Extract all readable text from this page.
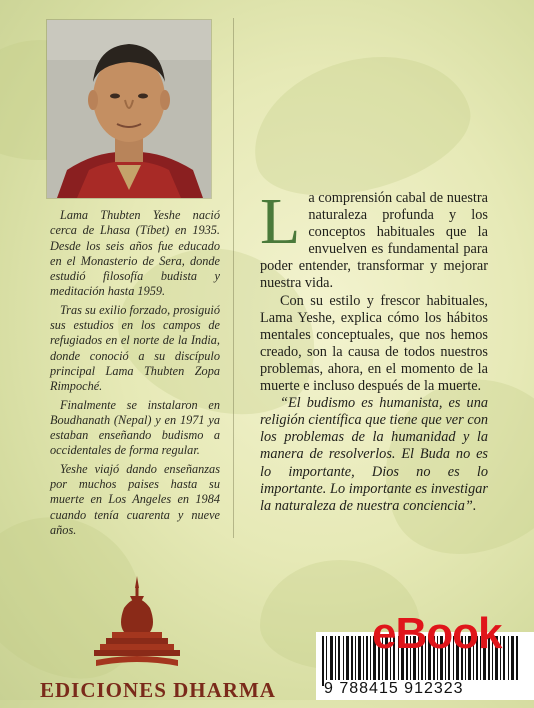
Lama Thubten Yeshe nació cerca de Lhasa (Tíbet) en 1935. Desde los seis años fue educado en el Monasterio de Sera, donde estudió filosofía budista y meditación hasta 1959.

Tras su exilio forzado, prosiguió sus estudios en los campos de refugiados en el norte de la India, donde conoció a su discípulo principal Lama Thubten Zopa Rimpoché.

Finalmente se instalaron en Boudhanath (Nepal) y en 1971 ya estaban enseñando budismo a occidentales de forma regular.

Yeshe viajó dando enseñanzas por muchos paises hasta su muerte en Los Angeles en 1984 cuando tenía cuarenta y nueve años.

La comprensión cabal de nuestra naturaleza profunda y los conceptos habituales que la envuelven es fundamental para poder entender, transformar y mejorar nuestra vida.

Con su estilo y frescor habituales, Lama Yeshe, explica cómo los hábitos mentales conceptuales, que nos hemos creado, son la causa de todos nuestros problemas, ahora, en el momento de la muerte e incluso después de la muerte.

“El budismo es humanista, es una religión científica que tiene que ver con los problemas de la humanidad y la manera de resolverlos. El Buda no es lo importante, Dios no es lo importante. Lo importante es investigar la naturaleza de nuestra conciencia”.

EDICIONES DHARMA	9 788415 912323
eBook
